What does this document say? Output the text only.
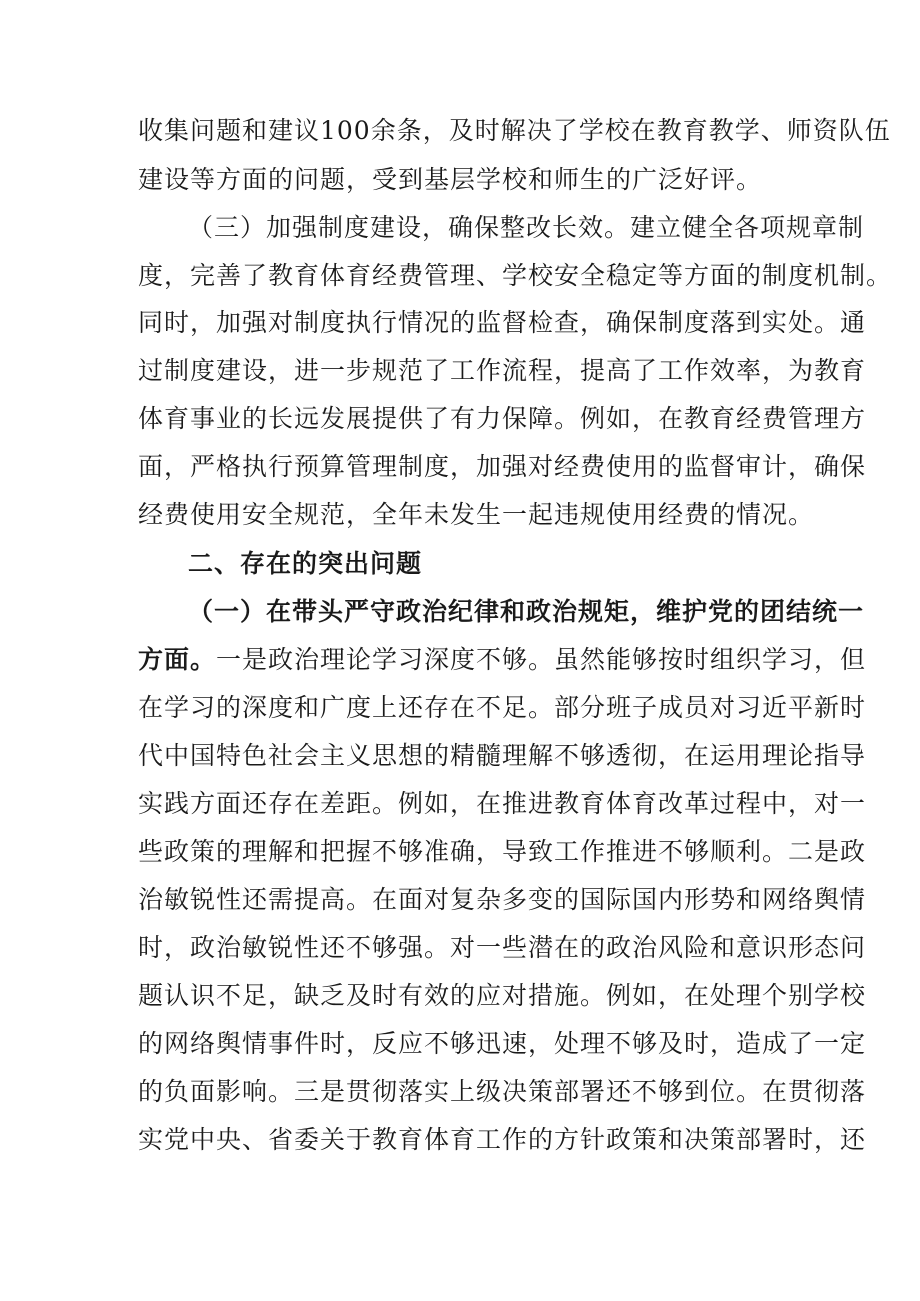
收集问题和建议100余条，及时解决了学校在教育教学、师资队伍
建设等方面的问题，受到基层学校和师生的广泛好评。
（三）加强制度建设，确保整改长效。建立健全各项规章制
度，完善了教育体育经费管理、学校安全稳定等方面的制度机制。
同时，加强对制度执行情况的监督检查，确保制度落到实处。通
过制度建设，进一步规范了工作流程，提高了工作效率，为教育
体育事业的长远发展提供了有力保障。例如，在教育经费管理方
面，严格执行预算管理制度，加强对经费使用的监督审计，确保
经费使用安全规范，全年未发生一起违规使用经费的情况。
二、存在的突出问题
（一）在带头严守政治纪律和政治规矩，维护党的团结统一
方面。一是政治理论学习深度不够。虽然能够按时组织学习，但
在学习的深度和广度上还存在不足。部分班子成员对习近平新时
代中国特色社会主义思想的精髓理解不够透彻，在运用理论指导
实践方面还存在差距。例如，在推进教育体育改革过程中，对一
些政策的理解和把握不够准确，导致工作推进不够顺利。二是政
治敏锐性还需提高。在面对复杂多变的国际国内形势和网络舆情
时，政治敏锐性还不够强。对一些潜在的政治风险和意识形态问
题认识不足，缺乏及时有效的应对措施。例如，在处理个别学校
的网络舆情事件时，反应不够迅速，处理不够及时，造成了一定
的负面影响。三是贯彻落实上级决策部署还不够到位。在贯彻落
实党中央、省委关于教育体育工作的方针政策和决策部署时，还
